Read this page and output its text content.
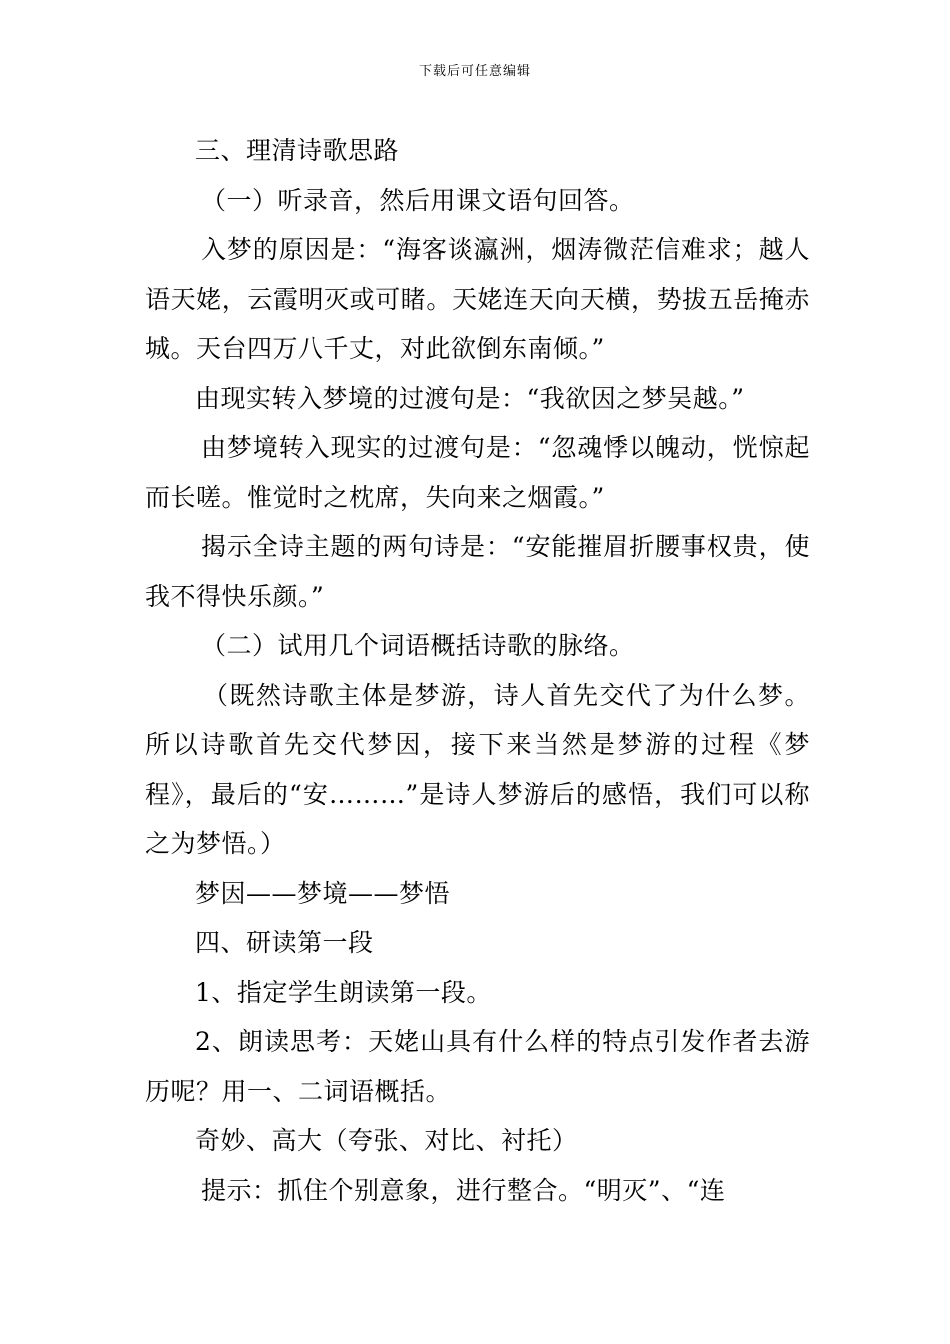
下载后可任意编辑

三、理清诗歌思路

（一）听录音，然后用课文语句回答。

入梦的原因是：“海客谈瀛洲，烟涛微茫信难求；越人语天姥，云霞明灭或可睹。天姥连天向天横，势拔五岳掩赤城。天台四万八千丈，对此欲倒东南倾。”

由现实转入梦境的过渡句是：“我欲因之梦吴越。”

由梦境转入现实的过渡句是：“忽魂悸以魄动，恍惊起而长嗟。惟觉时之枕席，失向来之烟霞。”

揭示全诗主题的两句诗是：“安能摧眉折腰事权贵，使我不得快乐颜。”

（二）试用几个词语概括诗歌的脉络。

（既然诗歌主体是梦游，诗人首先交代了为什么梦。所以诗歌首先交代梦因，接下来当然是梦游的过程《梦程》，最后的“安………”是诗人梦游后的感悟，我们可以称之为梦悟。）

梦因——梦境——梦悟

四、研读第一段

1、指定学生朗读第一段。

2、朗读思考：天姥山具有什么样的特点引发作者去游历呢？用一、二词语概括。

奇妙、高大（夸张、对比、衬托）

提示：抓住个别意象，进行整合。“明灭”、“连
